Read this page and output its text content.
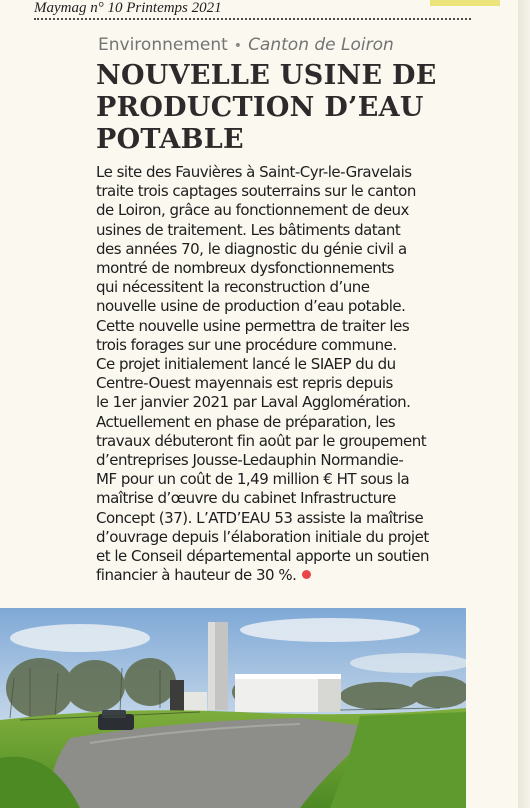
Maymag n° 10 Printemps 2021
Environnement • Canton de Loiron
NOUVELLE USINE DE
PRODUCTION D’EAU
POTABLE
Le site des Fauvières à Saint-Cyr-le-Gravelais
traite trois captages souterrains sur le canton
de Loiron, grâce au fonctionnement de deux
usines de traitement. Les bâtiments datant
des années 70, le diagnostic du génie civil a
montré de nombreux dysfonctionnements
qui nécessitent la reconstruction d’une
nouvelle usine de production d’eau potable.
Cette nouvelle usine permettra de traiter les
trois forages sur une procédure commune.
Ce projet initialement lancé le SIAEP du du
Centre-Ouest mayennais est repris depuis
le 1er janvier 2021 par Laval Agglomération.
Actuellement en phase de préparation, les
travaux débuteront fin août par le groupement
d’entreprises Jousse-Ledauphin Normandie-
MF pour un coût de 1,49 million € HT sous la
maîtrise d’œuvre du cabinet Infrastructure
Concept (37). L’ATD’EAU 53 assiste la maîtrise
d’ouvrage depuis l’élaboration initiale du projet
et le Conseil départemental apporte un soutien
financier à hauteur de 30 %.
